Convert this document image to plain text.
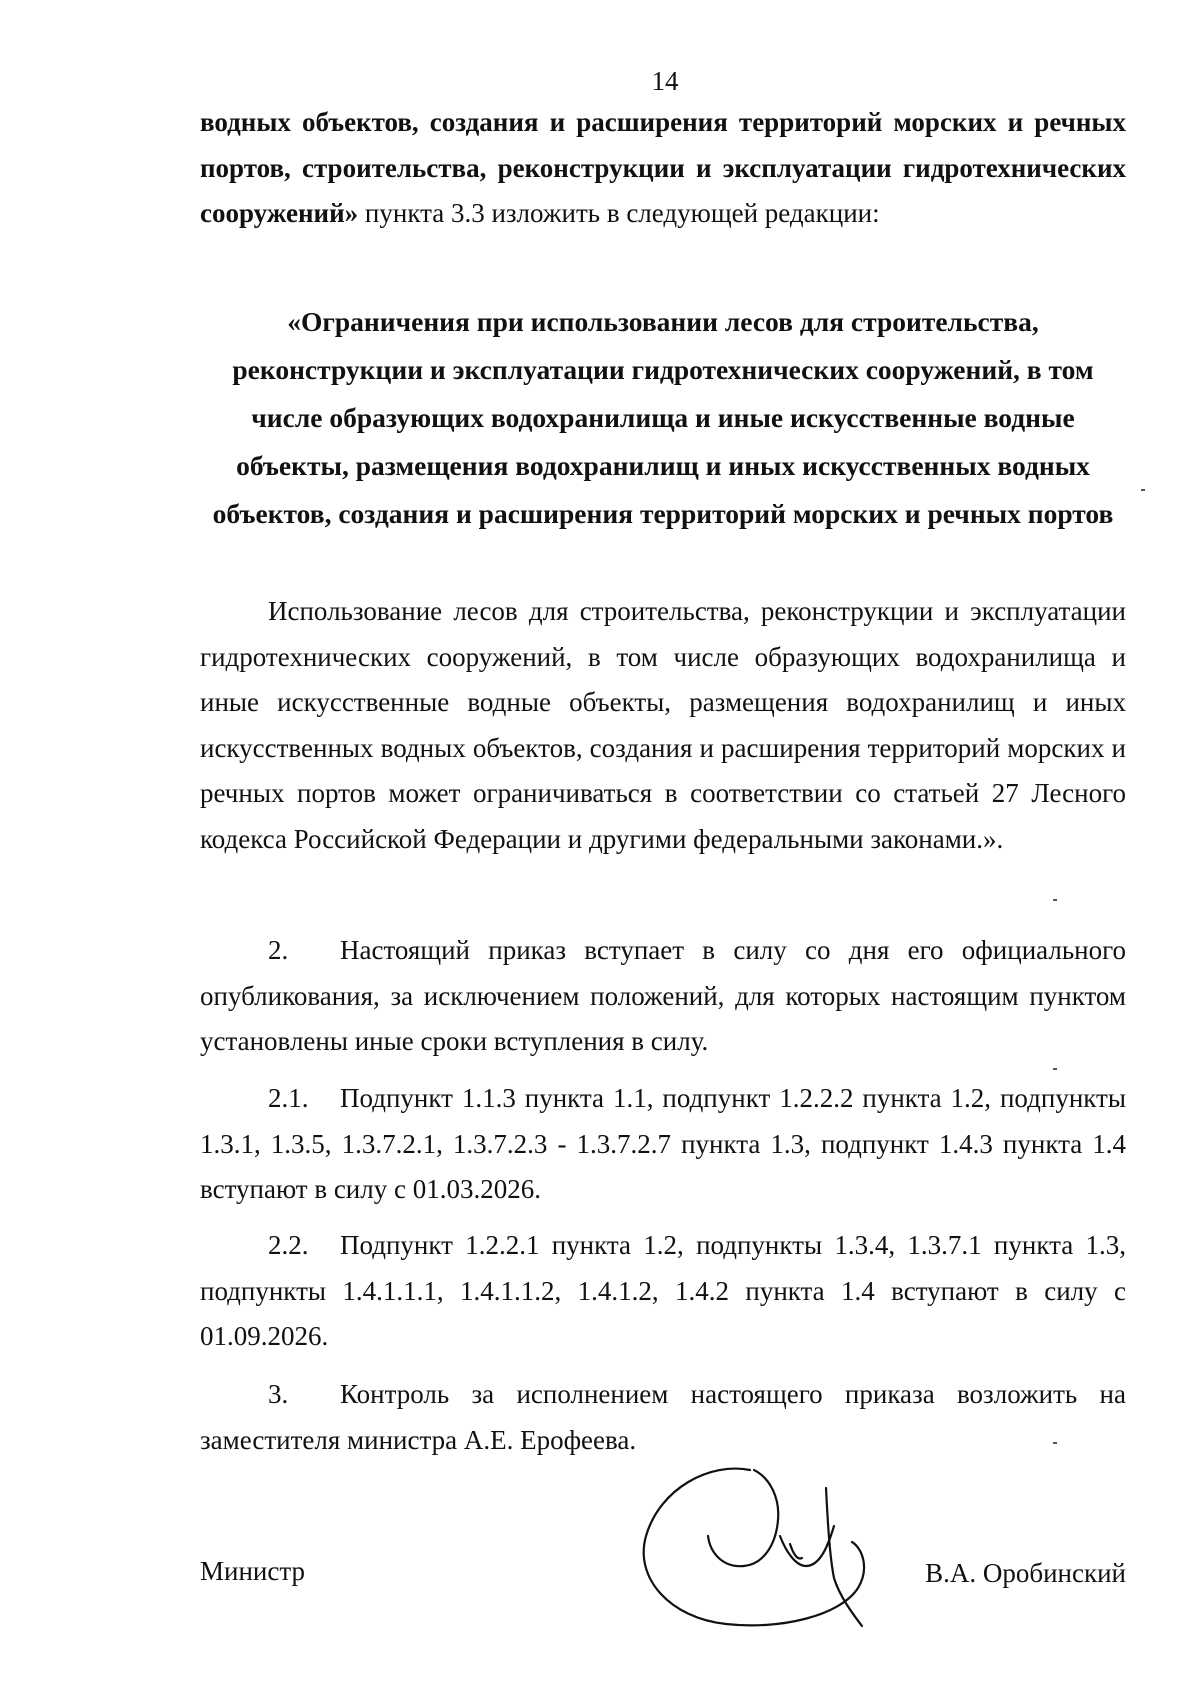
14
водных объектов, создания и расширения территорий морских и речных портов, строительства, реконструкции и эксплуатации гидротехнических сооружений» пункта 3.3 изложить в следующей редакции:
«Ограничения при использовании лесов для строительства, реконструкции и эксплуатации гидротехнических сооружений, в том числе образующих водохранилища и иные искусственные водные объекты, размещения водохранилищ и иных искусственных водных объектов, создания и расширения территорий морских и речных портов
Использование лесов для строительства, реконструкции и эксплуатации гидротехнических сооружений, в том числе образующих водохранилища и иные искусственные водные объекты, размещения водохранилищ и иных искусственных водных объектов, создания и расширения территорий морских и речных портов может ограничиваться в соответствии со статьей 27 Лесного кодекса Российской Федерации и другими федеральными законами.».
2. Настоящий приказ вступает в силу со дня его официального опубликования, за исключением положений, для которых настоящим пунктом установлены иные сроки вступления в силу.
2.1. Подпункт 1.1.3 пункта 1.1, подпункт 1.2.2.2 пункта 1.2, подпункты 1.3.1, 1.3.5, 1.3.7.2.1, 1.3.7.2.3 - 1.3.7.2.7 пункта 1.3, подпункт 1.4.3 пункта 1.4 вступают в силу с 01.03.2026.
2.2. Подпункт 1.2.2.1 пункта 1.2, подпункты 1.3.4, 1.3.7.1 пункта 1.3, подпункты 1.4.1.1.1, 1.4.1.1.2, 1.4.1.2, 1.4.2 пункта 1.4 вступают в силу с 01.09.2026.
3. Контроль за исполнением настоящего приказа возложить на заместителя министра А.Е. Ерофеева.
Министр	В.А. Оробинский
